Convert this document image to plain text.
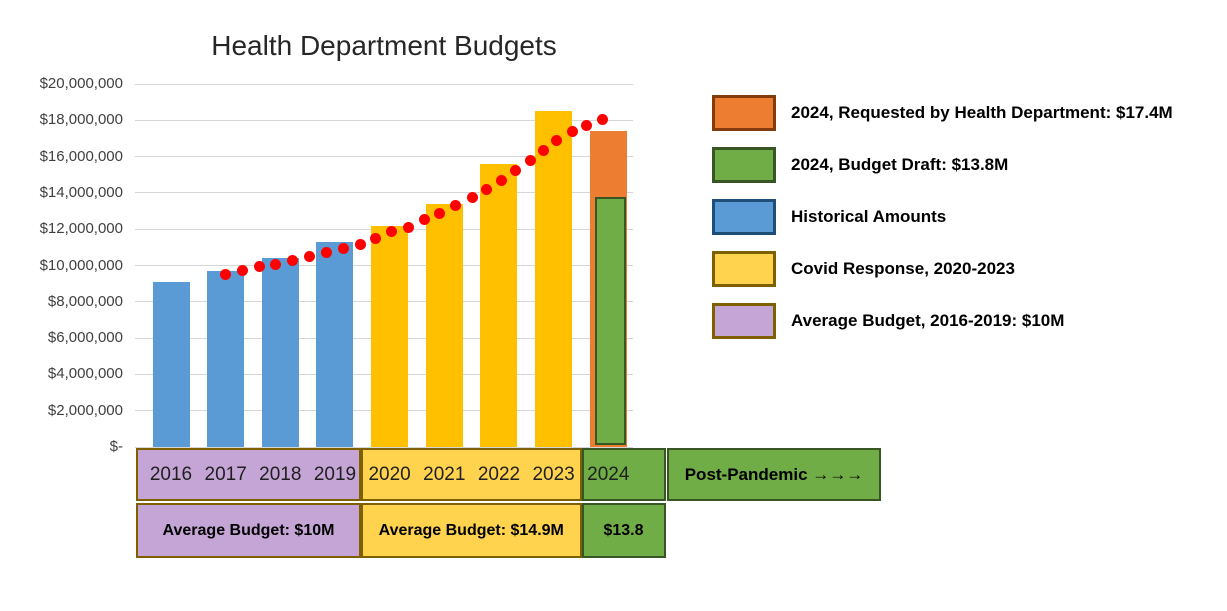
Health Department Budgets
$20,000,000
$18,000,000
$16,000,000
$14,000,000
$12,000,000
$10,000,000
$8,000,000
$6,000,000
$4,000,000
$2,000,000
$-
2016 2017 2018 2019 2020 2021 2022 2023 2024	Post-Pandemic →→→
Average Budget: $10M	Average Budget: $14.9M	$13.8
2024, Requested by Health Department: $17.4M
2024, Budget Draft: $13.8M
Historical Amounts
Covid Response, 2020-2023
Average Budget, 2016-2019: $10M
